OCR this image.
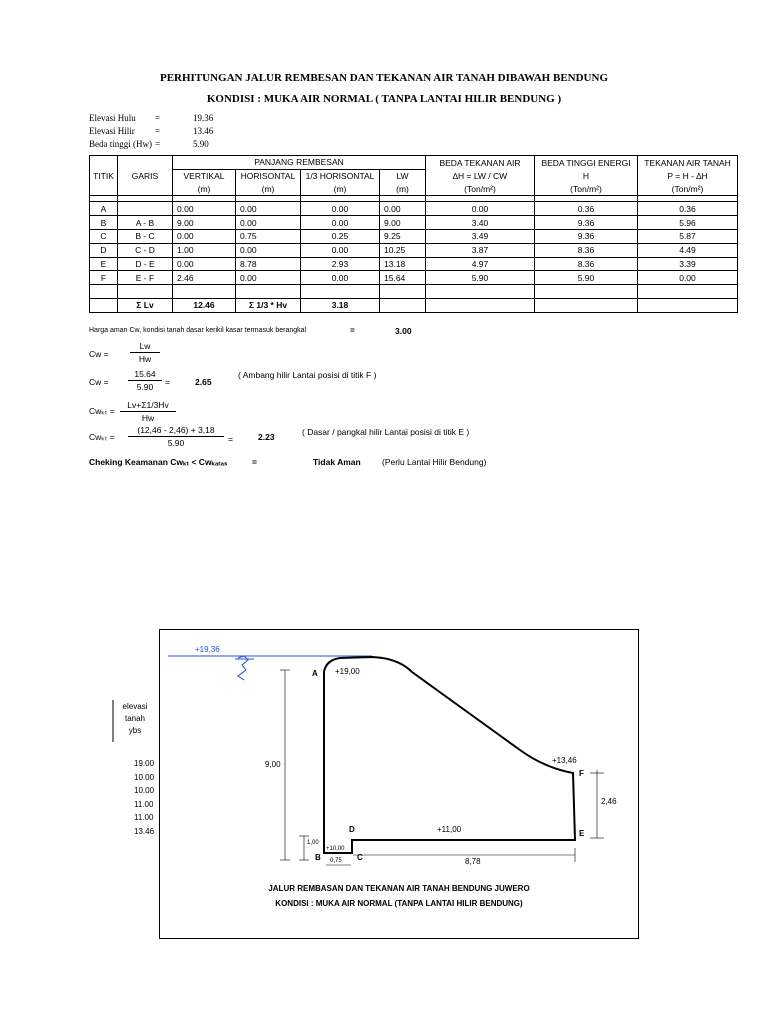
PERHITUNGAN JALUR REMBESAN DAN TEKANAN AIR TANAH DIBAWAH BENDUNG
KONDISI : MUKA AIR NORMAL ( TANPA LANTAI HILIR BENDUNG )
Elevasi Hulu =	19.36
Elevasi Hilir =	13.46
Beda tinggi (Hw) =	5.90
TITIK	GARIS	PANJANG REMBESAN				BEDA TEKANAN AIR	BEDA TINGGI ENERGI	TEKANAN AIR TANAH
		VERTIKAL	HORISONTAL	1/3 HORISONTAL	LW	∆H = LW / CW	H	P = H - ∆H
		(m)	(m)	(m)	(m)	(Ton/m²)	(Ton/m²)	(Ton/m²)

A		0.00	0.00	0.00	0.00	0.00	0.36	0.36
B	A - B	9.00	0.00	0.00	9.00	3.40	9.36	5.96
C	B - C	0.00	0.75	0.25	9.25	3.49	9.36	5.87
D	C - D	1.00	0.00	0.00	10.25	3.87	8.36	4.49
E	D - E	0.00	8.78	2.93	13.18	4.97	8.36	3.39
F	E - F	2.46	0.00	0.00	15.64	5.90	5.90	0.00

	Σ Lv	12.46	Σ 1/3 * Hv	3.18				
Harga aman Cw, kondisi tanah dasar kerikil kasar termasuk berangkal	=	3.00
Cw =
Lw
Hw
Cw =
15.64
5.90	=	2.65
( Ambang hilir Lantai posisi di titik F )
Cwₖₜ =
Lv+Σ1/3Hv
Hw
Cwₖₜ =
(12,46 - 2,46) + 3,18
5.90	=	2.23	( Dasar / pangkal hilir Lantai posisi di titik E )
Cheking Keamanan Cwₖₜ < Cwₖₐₜₐₛ	=	Tidak Aman	(Perlu Lantai Hilir Bendung)
+19,36
+19,00
A
B	C
D	E
F
9,00
1,00
+10,00
0,75
+11,00
8,78
+13,46
2,46
elevasi
tanah
ybs
19.00
10.00
10.00
11.00
11.00
13.46
JALUR REMBASAN DAN TEKANAN AIR TANAH BENDUNG JUWERO
KONDISI : MUKA AIR NORMAL (TANPA LANTAI HILIR BENDUNG)
